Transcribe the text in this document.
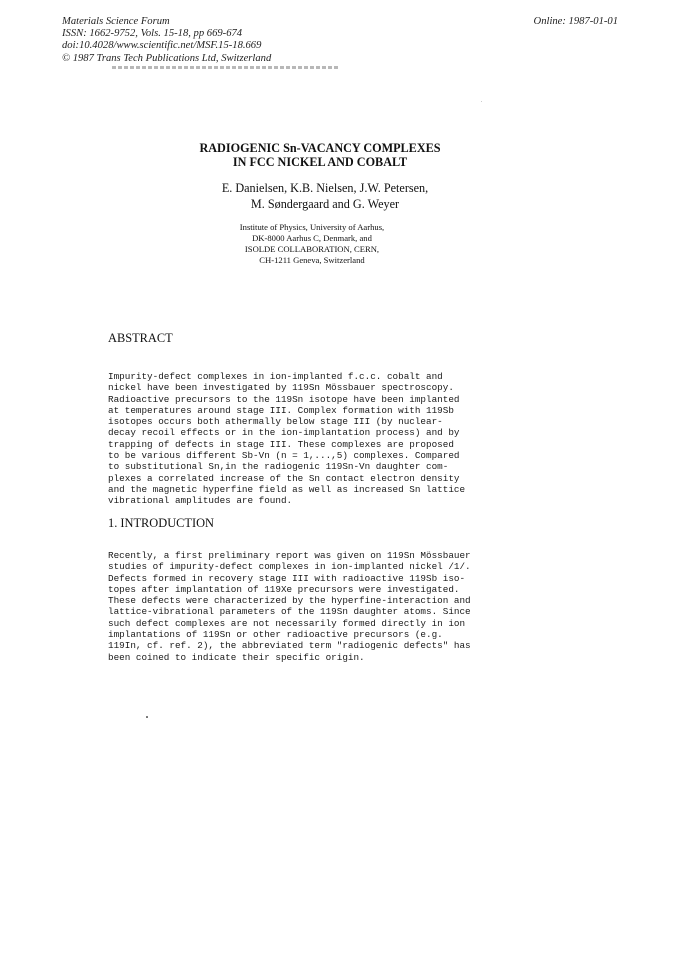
Materials Science Forum
ISSN: 1662-9752, Vols. 15-18, pp 669-674
doi:10.4028/www.scientific.net/MSF.15-18.669
© 1987 Trans Tech Publications Ltd, Switzerland
Online: 1987-01-01
RADIOGENIC Sn-VACANCY COMPLEXES
IN FCC NICKEL AND COBALT
E. Danielsen, K.B. Nielsen, J.W. Petersen,
M. Søndergaard and G. Weyer
Institute of Physics, University of Aarhus,
DK-8000 Aarhus C, Denmark, and
ISOLDE COLLABORATION, CERN,
CH-1211 Geneva, Switzerland
ABSTRACT
Impurity-defect complexes in ion-implanted f.c.c. cobalt and
nickel have been investigated by 119Sn Mössbauer spectroscopy.
Radioactive precursors to the 119Sn isotope have been implanted
at temperatures around stage III. Complex formation with 119Sb
isotopes occurs both athermally below stage III (by nuclear-
decay recoil effects or in the ion-implantation process) and by
trapping of defects in stage III. These complexes are proposed
to be various different Sb-Vn (n = 1,...,5) complexes. Compared
to substitutional Sn,in the radiogenic 119Sn-Vn daughter com-
plexes a correlated increase of the Sn contact electron density
and the magnetic hyperfine field as well as increased Sn lattice
vibrational amplitudes are found.
1. INTRODUCTION
Recently, a first preliminary report was given on 119Sn Mössbauer
studies of impurity-defect complexes in ion-implanted nickel /1/.
Defects formed in recovery stage III with radioactive 119Sb iso-
topes after implantation of 119Xe precursors were investigated.
These defects were characterized by the hyperfine-interaction and
lattice-vibrational parameters of the 119Sn daughter atoms. Since
such defect complexes are not necessarily formed directly in ion
implantations of 119Sn or other radioactive precursors (e.g.
119In, cf. ref. 2), the abbreviated term "radiogenic defects" has
been coined to indicate their specific origin.
